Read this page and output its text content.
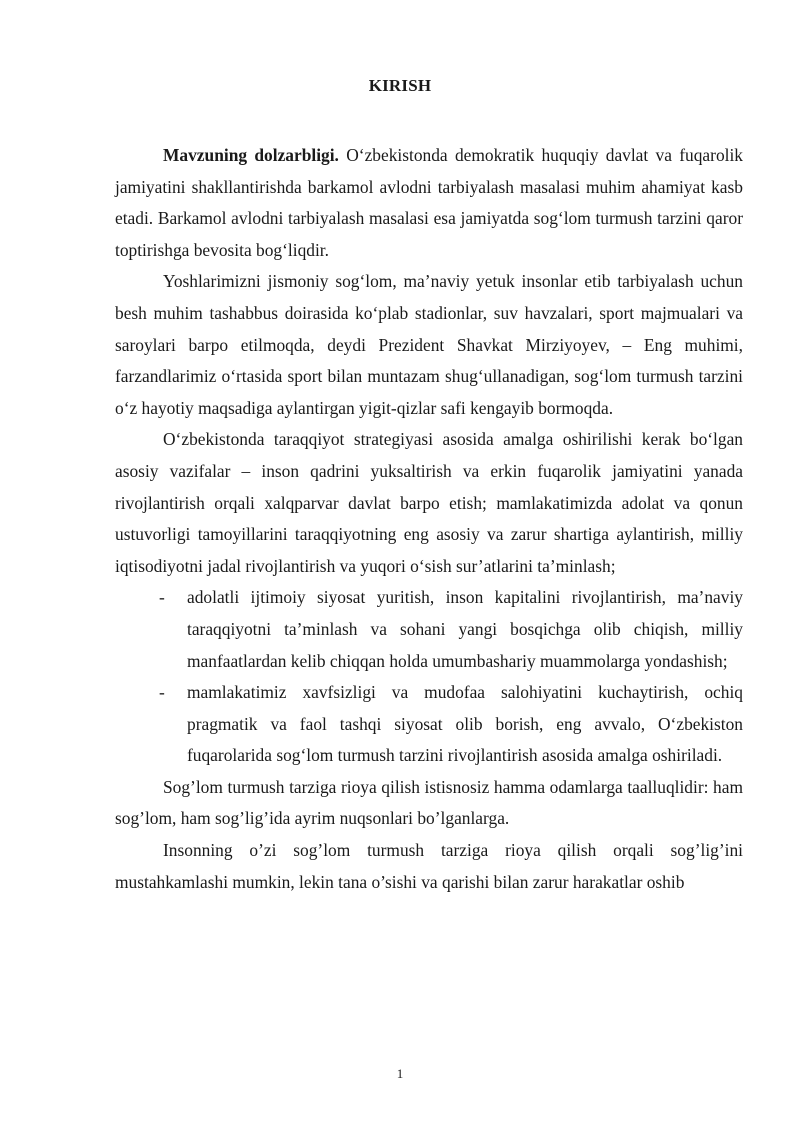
KIRISH

Mavzuning dolzarbligi. O‘zbekistonda demokratik huquqiy davlat va fuqarolik jamiyatini shakllantirishda barkamol avlodni tarbiyalash masalasi muhim ahamiyat kasb etadi. Barkamol avlodni tarbiyalash masalasi esa jamiyatda sog‘lom turmush tarzini qaror toptirishga bevosita bog‘liqdir.

Yoshlarimizni jismoniy sog‘lom, ma’naviy yetuk insonlar etib tarbiyalash uchun besh muhim tashabbus doirasida ko‘plab stadionlar, suv havzalari, sport majmualari va saroylari barpo etilmoqda, deydi Prezident Shavkat Mirziyoyev, – Eng muhimi, farzandlarimiz o‘rtasida sport bilan muntazam shug‘ullanadigan, sog‘lom turmush tarzini o‘z hayotiy maqsadiga aylantirgan yigit-qizlar safi kengayib bormoqda.

O‘zbekistonda taraqqiyot strategiyasi asosida amalga oshirilishi kerak bo‘lgan asosiy vazifalar – inson qadrini yuksaltirish va erkin fuqarolik jamiyatini yanada rivojlantirish orqali xalqparvar davlat barpo etish; mamlakatimizda adolat va qonun ustuvorligi tamoyillarini taraqqiyotning eng asosiy va zarur shartiga aylantirish, milliy iqtisodiyotni jadal rivojlantirish va yuqori o‘sish sur’atlarini ta’minlash;

- adolatli ijtimoiy siyosat yuritish, inson kapitalini rivojlantirish, ma’naviy taraqqiyotni ta’minlash va sohani yangi bosqichga olib chiqish, milliy manfaatlardan kelib chiqqan holda umumbashariy muammolarga yondashish;
- mamlakatimiz xavfsizligi va mudofaa salohiyatini kuchaytirish, ochiq pragmatik va faol tashqi siyosat olib borish, eng avvalo, O‘zbekiston fuqarolarida sog‘lom turmush tarzini rivojlantirish asosida amalga oshiriladi.

Sog’lom turmush tarziga rioya qilish istisnosiz hamma odamlarga taalluqlidir: ham sog’lom, ham sog’lig’ida ayrim nuqsonlari bo’lganlarga.

Insonning o’zi sog’lom turmush tarziga rioya qilish orqali sog’lig’ini mustahkamlashi mumkin, lekin tana o’sishi va qarishi bilan zarur harakatlar oshib

1
